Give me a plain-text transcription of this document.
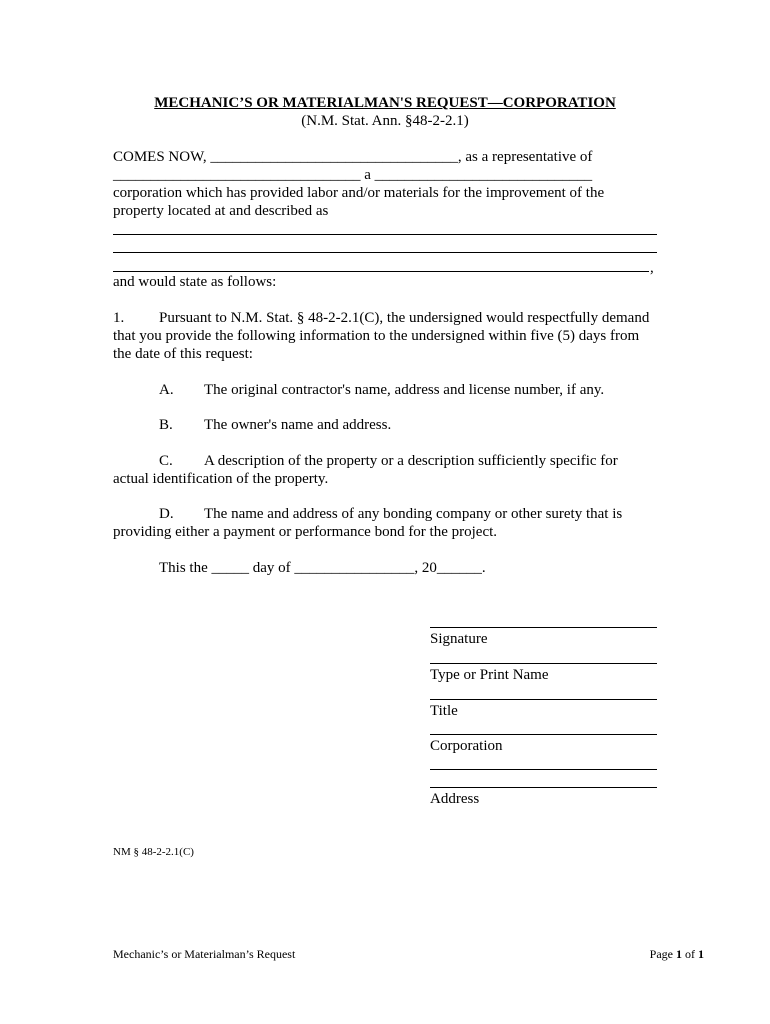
MECHANIC’S OR MATERIALMAN'S REQUEST—CORPORATION
(N.M. Stat. Ann. §48-2-2.1)
COMES NOW, _________________________________, as a representative of
_________________________________ a _____________________________
corporation which has provided labor and/or materials for the improvement of the
property located at and described as
,
and would state as follows:
1. Pursuant to N.M. Stat. § 48-2-2.1(C), the undersigned would respectfully demand
that you provide the following information to the undersigned within five (5) days from
the date of this request:
A. The original contractor's name, address and license number, if any.
B. The owner's name and address.
C. A description of the property or a description sufficiently specific for
actual identification of the property.
D. The name and address of any bonding company or other surety that is
providing either a payment or performance bond for the project.
This the _____ day of ________________, 20______.
Signature
Type or Print Name
Title
Corporation
Address
NM § 48-2-2.1(C)
Mechanic’s or Materialman’s Request	Page 1 of 1
